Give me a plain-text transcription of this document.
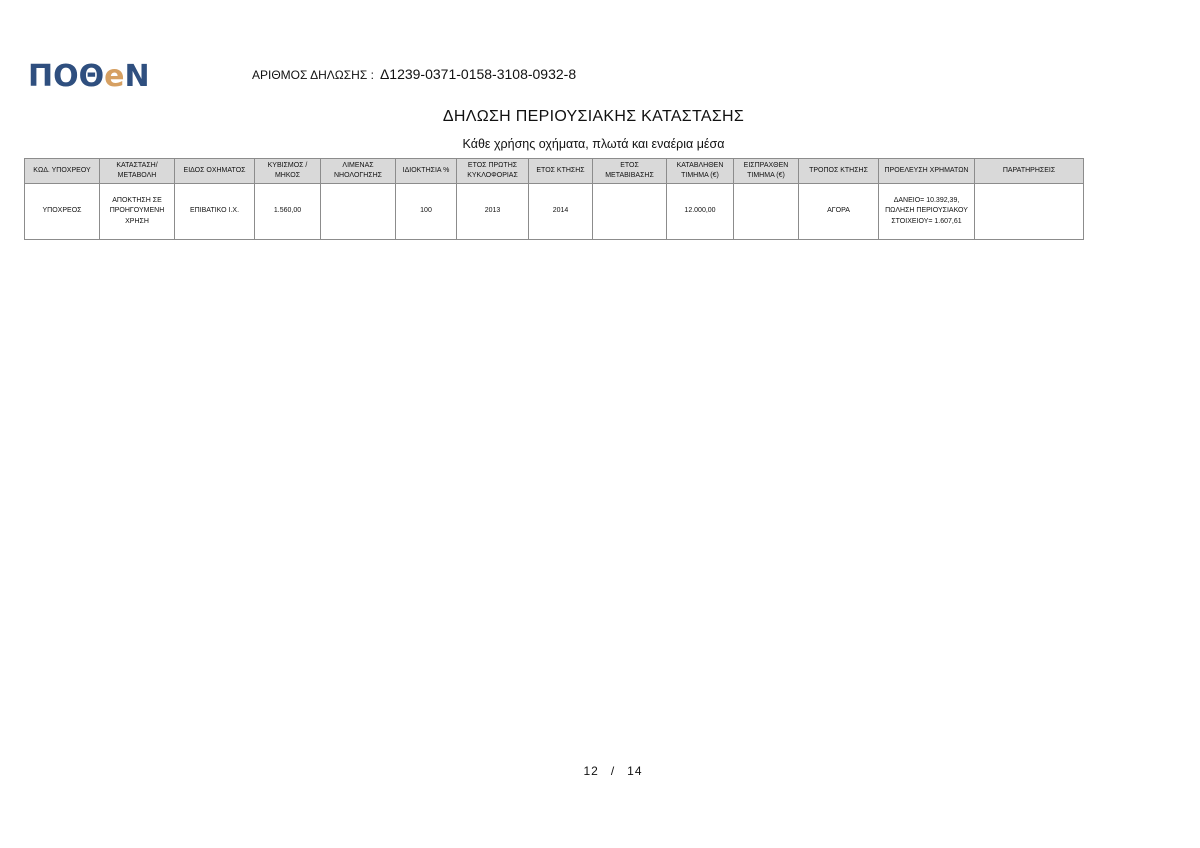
ΠΟΘ e Ν	ΑΡΙΘΜΟΣ ΔΗΛΩΣΗΣ : Δ1239-0371-0158-3108-0932-8
ΔΗΛΩΣΗ ΠΕΡΙΟΥΣΙΑΚΗΣ ΚΑΤΑΣΤΑΣΗΣ
Κάθε χρήσης οχήματα, πλωτά και εναέρια μέσα
ΚΩΔ. ΥΠΟΧΡΕΟΥ	ΚΑΤΑΣΤΑΣΗ/ ΜΕΤΑΒΟΛΗ	ΕΙΔΟΣ ΟΧΗΜΑΤΟΣ	ΚΥΒΙΣΜΟΣ / ΜΗΚΟΣ	ΛΙΜΕΝΑΣ ΝΗΟΛΟΓΗΣΗΣ	ΙΔΙΟΚΤΗΣΙΑ %	ΕΤΟΣ ΠΡΩΤΗΣ ΚΥΚΛΟΦΟΡΙΑΣ	ΕΤΟΣ ΚΤΗΣΗΣ	ΕΤΟΣ ΜΕΤΑΒΙΒΑΣΗΣ	ΚΑΤΑΒΛΗΘΕΝ ΤΙΜΗΜΑ (€)	ΕΙΣΠΡΑΧΘΕΝ ΤΙΜΗΜΑ (€)	ΤΡΟΠΟΣ ΚΤΗΣΗΣ	ΠΡΟΕΛΕΥΣΗ ΧΡΗΜΑΤΩΝ	ΠΑΡΑΤΗΡΗΣΕΙΣ
ΥΠΟΧΡΕΟΣ	ΑΠΟΚΤΗΣΗ ΣΕ ΠΡΟΗΓΟΥΜΕΝΗ ΧΡΗΣΗ	ΕΠΙΒΑΤΙΚΟ Ι.Χ.	1.560,00		100	2013	2014		12.000,00		ΑΓΟΡΑ	ΔΑΝΕΙΟ= 10.392,39, ΠΩΛΗΣΗ ΠΕΡΙΟΥΣΙΑΚΟΥ ΣΤΟΙΧΕΙΟΥ= 1.607,61	
12 / 14
